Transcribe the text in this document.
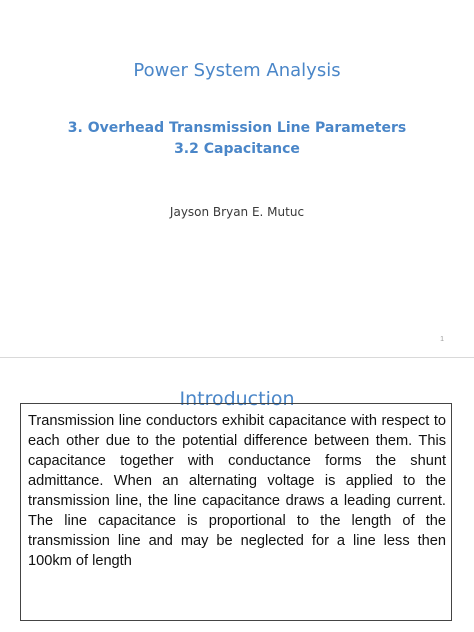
Power System Analysis
3. Overhead Transmission Line Parameters
3.2 Capacitance
Jayson Bryan E. Mutuc
1
Introduction

Transmission line conductors exhibit capacitance with respect to each other due to the potential difference between them. This capacitance together with conductance forms the shunt admittance. When an alternating voltage is applied to the transmission line, the line capacitance draws a leading current. The line capacitance is proportional to the length of the transmission line and may be neglected for a line less then 100km of length
